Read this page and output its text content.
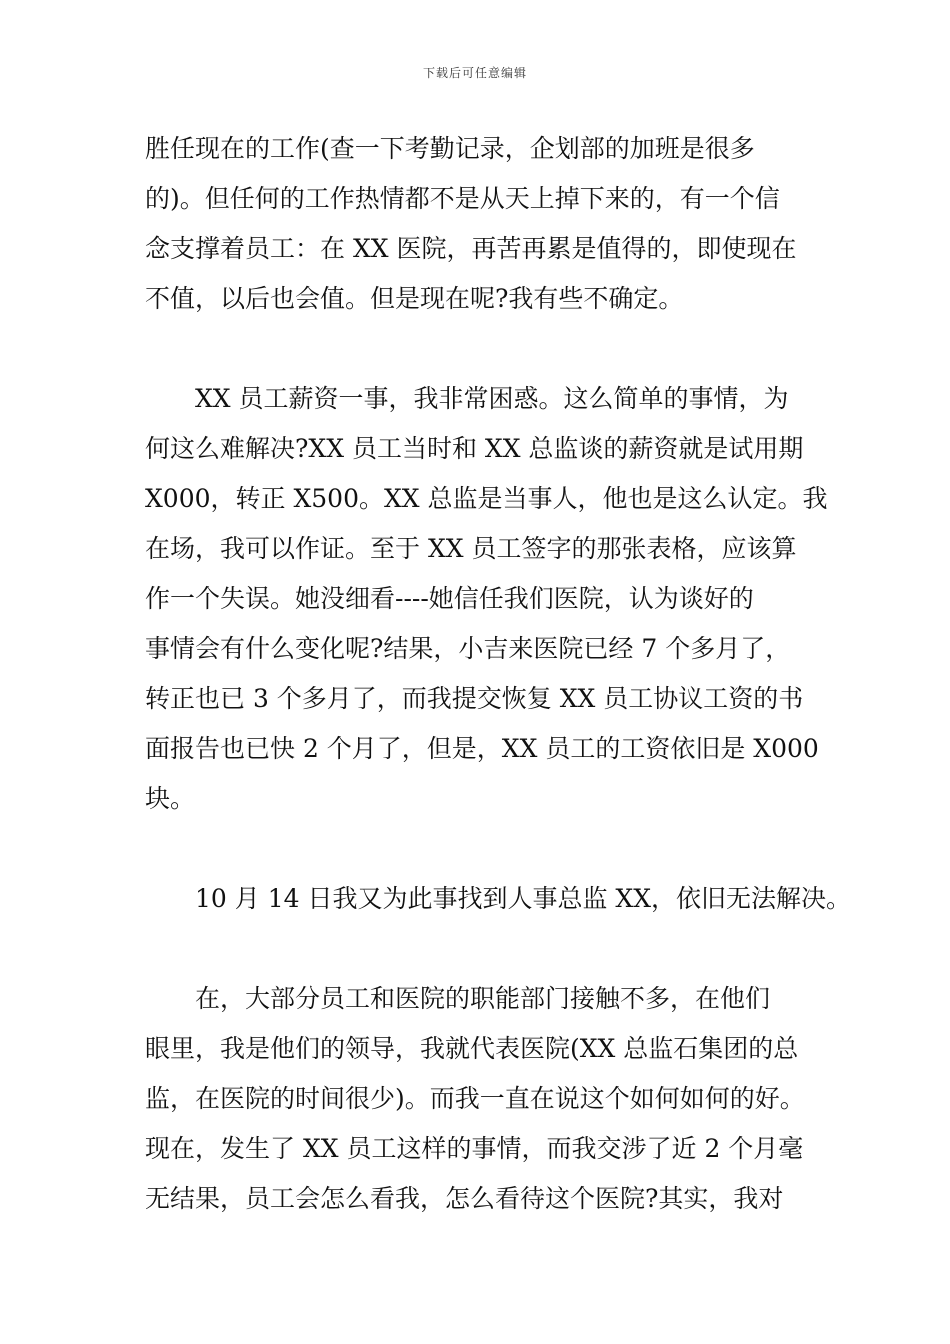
下载后可任意编辑
胜任现在的工作(查一下考勤记录，企划部的加班是很多
的)。但任何的工作热情都不是从天上掉下来的，有一个信
念支撑着员工：在 XX 医院，再苦再累是值得的，即使现在
不值，以后也会值。但是现在呢?我有些不确定。
XX 员工薪资一事，我非常困惑。这么简单的事情，为
何这么难解决?XX 员工当时和 XX 总监谈的薪资就是试用期
X000，转正 X500。XX 总监是当事人，他也是这么认定。我
在场，我可以作证。至于 XX 员工签字的那张表格，应该算
作一个失误。她没细看----她信任我们医院，认为谈好的
事情会有什么变化呢?结果，小吉来医院已经 7 个多月了，
转正也已 3 个多月了，而我提交恢复 XX 员工协议工资的书
面报告也已快 2 个月了，但是，XX 员工的工资依旧是 X000
块。
10 月 14 日我又为此事找到人事总监 XX，依旧无法解决。
在，大部分员工和医院的职能部门接触不多，在他们
眼里，我是他们的领导，我就代表医院(XX 总监石集团的总
监，在医院的时间很少)。而我一直在说这个如何如何的好。
现在，发生了 XX 员工这样的事情，而我交涉了近 2 个月毫
无结果，员工会怎么看我，怎么看待这个医院?其实，我对
